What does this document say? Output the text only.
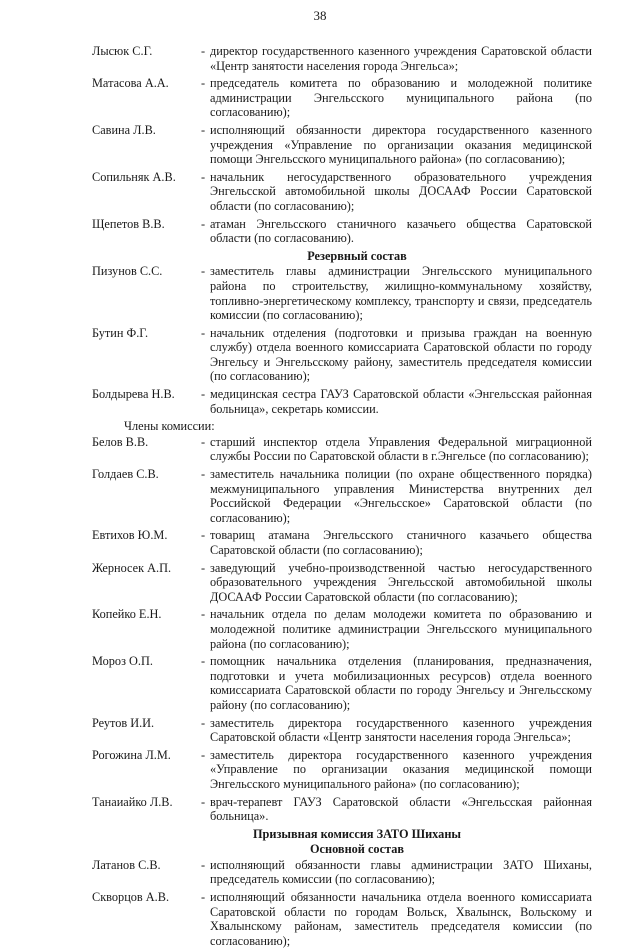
38
Лысюк С.Г.	- директор государственного казенного учреждения Саратовской области «Центр занятости населения города Энгельса»;
Матасова А.А.	- председатель комитета по образованию и молодежной политике администрации Энгельсского муниципального района (по согласованию);
Савина Л.В.	- исполняющий обязанности директора государственного казенного учреждения «Управление по организации оказания медицинской помощи Энгельсского муниципального района» (по согласованию);
Сопильняк А.В.	- начальник негосударственного образовательного учреждения Энгельсской автомобильной школы ДОСААФ России Саратовской области (по согласованию);
Щепетов В.В.	- атаман Энгельсского станичного казачьего общества Саратовской области (по согласованию).
Резервный состав
Пизунов С.С.	- заместитель главы администрации Энгельсского муниципального района по строительству, жилищно-коммунальному хозяйству, топливно-энергетическому комплексу, транспорту и связи, председатель комиссии (по согласованию);
Бутин Ф.Г.	- начальник отделения (подготовки и призыва граждан на военную службу) отдела военного комиссариата Саратовской области по городу Энгельсу и Энгельсскому району, заместитель председателя комиссии (по согласованию);
Болдырева Н.В.	- медицинская сестра ГАУЗ Саратовской области «Энгельсская районная больница», секретарь комиссии.
Члены комиссии:
Белов В.В.	- старший инспектор отдела Управления Федеральной миграционной службы России по Саратовской области в г.Энгельсе (по согласованию);
Голдаев С.В.	- заместитель начальника полиции (по охране общественного порядка) межмуниципального управления Министерства внутренних дел Российской Федерации «Энгельсское» Саратовской области (по согласованию);
Евтихов Ю.М.	- товарищ атамана Энгельсского станичного казачьего общества Саратовской области (по согласованию);
Жерносек А.П.	- заведующий учебно-производственной частью негосударственного образовательного учреждения Энгельсской автомобильной школы ДОСААФ России Саратовской области (по согласованию);
Копейко Е.Н.	- начальник отдела по делам молодежи комитета по образованию и молодежной политике администрации Энгельсского муниципального района (по согласованию);
Мороз О.П.	- помощник начальника отделения (планирования, предназначения, подготовки и учета мобилизационных ресурсов) отдела военного комиссариата Саратовской области по городу Энгельсу и Энгельсскому району (по согласованию);
Реутов И.И.	- заместитель директора государственного казенного учреждения Саратовской области «Центр занятости населения города Энгельса»;
Рогожина Л.М.	- заместитель директора государственного казенного учреждения «Управление по организации оказания медицинской помощи Энгельсского муниципального района» (по согласованию);
Танаиайко Л.В.	- врач-терапевт ГАУЗ Саратовской области «Энгельсская районная больница».
Призывная комиссия ЗАТО Шиханы
Основной состав
Латанов С.В.	- исполняющий обязанности главы администрации ЗАТО Шиханы, председатель комиссии (по согласованию);
Скворцов А.В.	- исполняющий обязанности начальника отдела военного комиссариата Саратовской области по городам Вольск, Хвалынск, Вольскому и Хвалынскому районам, заместитель председателя комиссии (по согласованию);
